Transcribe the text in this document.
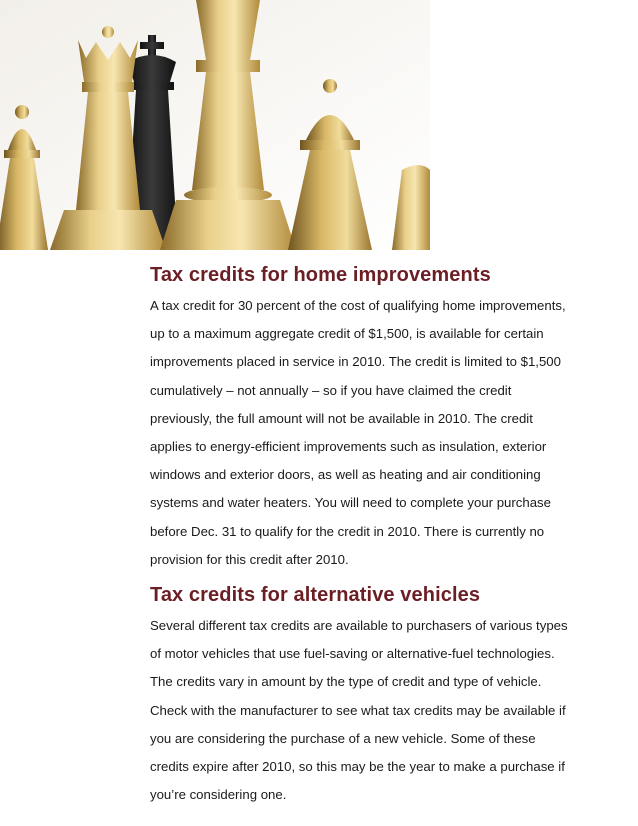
Tax credits for home improvements

A tax credit for 30 percent of the cost of qualifying home improvements, up to a maximum aggregate credit of $1,500, is available for certain improvements placed in service in 2010. The credit is limited to $1,500 cumulatively – not annually – so if you have claimed the credit previously, the full amount will not be available in 2010. The credit applies to energy-efficient improvements such as insulation, exterior windows and exterior doors, as well as heating and air conditioning systems and water heaters. You will need to complete your purchase before Dec. 31 to qualify for the credit in 2010. There is currently no provision for this credit after 2010.

Tax credits for alternative vehicles

Several different tax credits are available to purchasers of various types of motor vehicles that use fuel-saving or alternative-fuel technologies. The credits vary in amount by the type of credit and type of vehicle. Check with the manufacturer to see what tax credits may be available if you are considering the purchase of a new vehicle. Some of these credits expire after 2010, so this may be the year to make a purchase if you’re considering one.
